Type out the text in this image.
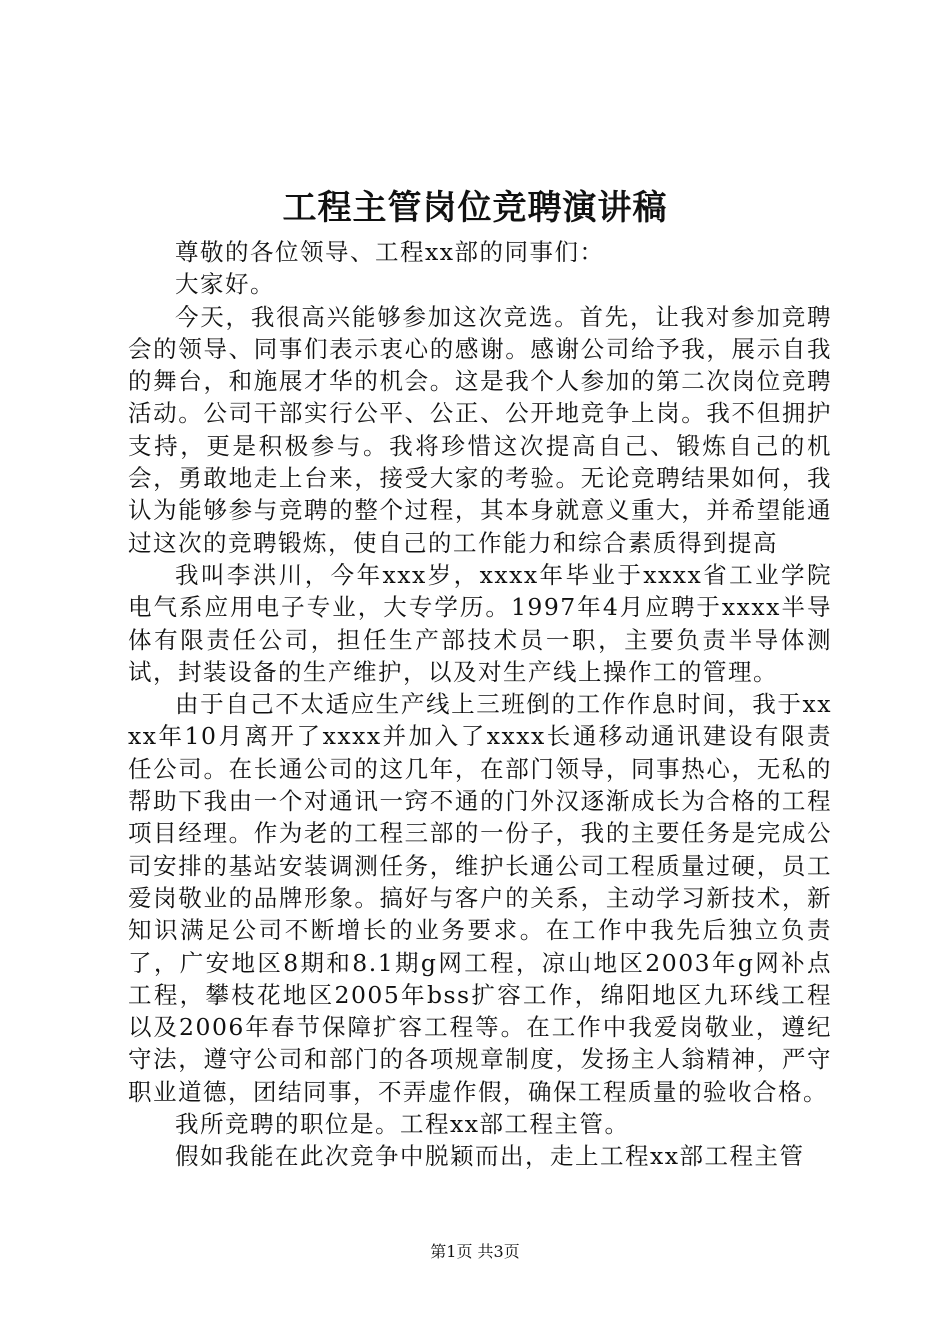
工程主管岗位竞聘演讲稿

尊敬的各位领导、工程xx部的同事们：

大家好。

今天，我很高兴能够参加这次竞选。首先，让我对参加竞聘会的领导、同事们表示衷心的感谢。感谢公司给予我，展示自我的舞台，和施展才华的机会。这是我个人参加的第二次岗位竞聘活动。公司干部实行公平、公正、公开地竞争上岗。我不但拥护支持，更是积极参与。我将珍惜这次提高自己、锻炼自己的机会，勇敢地走上台来，接受大家的考验。无论竞聘结果如何，我认为能够参与竞聘的整个过程，其本身就意义重大，并希望能通过这次的竞聘锻炼，使自己的工作能力和综合素质得到提高

我叫李洪川，今年xxx岁，xxxx年毕业于xxxx省工业学院电气系应用电子专业，大专学历。1997年4月应聘于xxxx半导体有限责任公司，担任生产部技术员一职，主要负责半导体测试，封装设备的生产维护，以及对生产线上操作工的管理。

由于自己不太适应生产线上三班倒的工作作息时间，我于xxxx年10月离开了xxxx并加入了xxxx长通移动通讯建设有限责任公司。在长通公司的这几年，在部门领导，同事热心，无私的帮助下我由一个对通讯一窍不通的门外汉逐渐成长为合格的工程项目经理。作为老的工程三部的一份子，我的主要任务是完成公司安排的基站安装调测任务，维护长通公司工程质量过硬，员工爱岗敬业的品牌形象。搞好与客户的关系，主动学习新技术，新知识满足公司不断增长的业务要求。在工作中我先后独立负责了，广安地区8期和8.1期g网工程，凉山地区2003年g网补点工程，攀枝花地区2005年bss扩容工作，绵阳地区九环线工程以及2006年春节保障扩容工程等。在工作中我爱岗敬业，遵纪守法，遵守公司和部门的各项规章制度，发扬主人翁精神，严守职业道德，团结同事，不弄虚作假，确保工程质量的验收合格。

我所竞聘的职位是。工程xx部工程主管。

假如我能在此次竞争中脱颖而出，走上工程xx部工程主管

第1页 共3页
